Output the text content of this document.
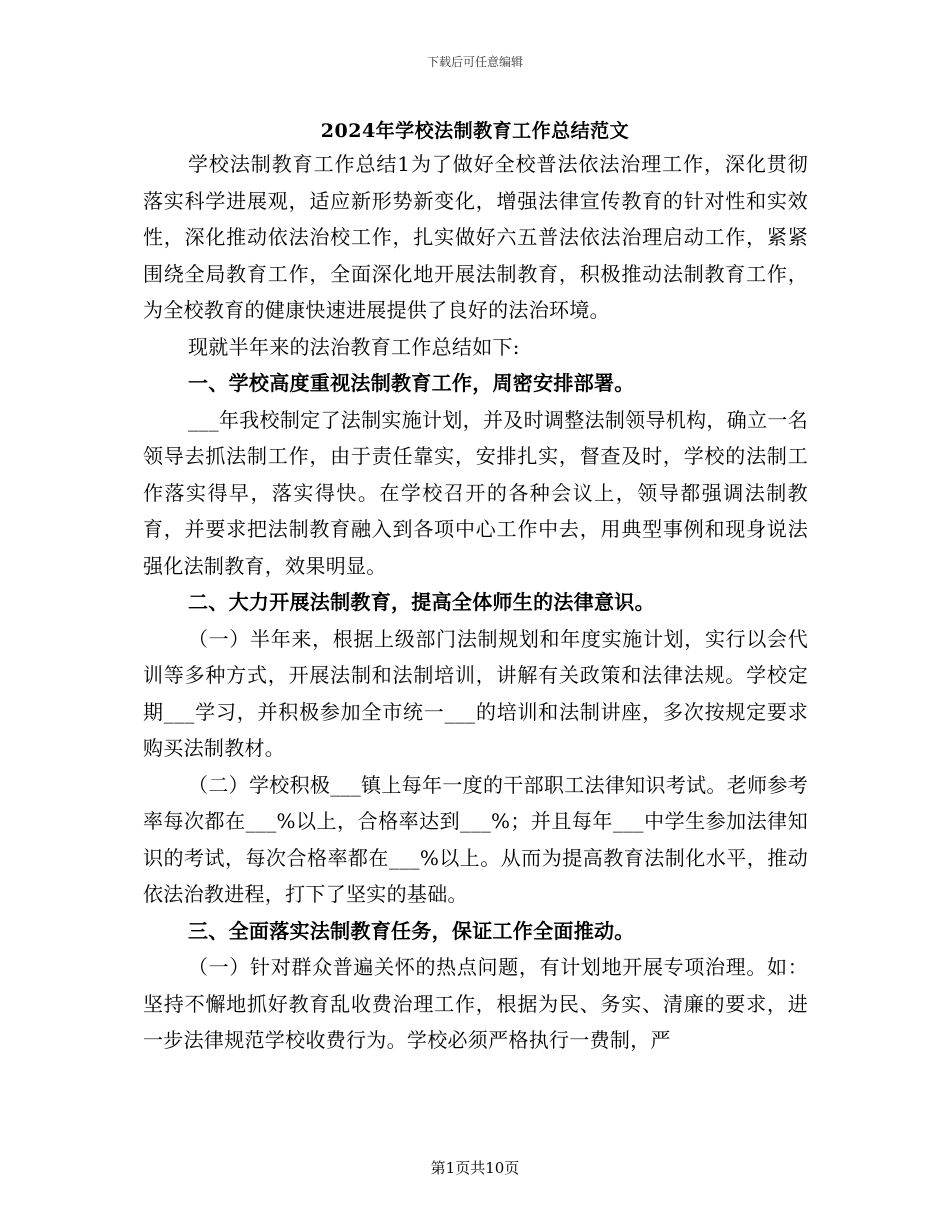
下载后可任意编辑
2024年学校法制教育工作总结范文

学校法制教育工作总结1为了做好全校普法依法治理工作，深化贯彻落实科学进展观，适应新形势新变化，增强法律宣传教育的针对性和实效性，深化推动依法治校工作，扎实做好六五普法依法治理启动工作，紧紧围绕全局教育工作，全面深化地开展法制教育，积极推动法制教育工作，为全校教育的健康快速进展提供了良好的法治环境。

现就半年来的法治教育工作总结如下:

一、学校高度重视法制教育工作，周密安排部署。

___年我校制定了法制实施计划，并及时调整法制领导机构，确立一名领导去抓法制工作，由于责任靠实，安排扎实，督查及时，学校的法制工作落实得早，落实得快。在学校召开的各种会议上，领导都强调法制教育，并要求把法制教育融入到各项中心工作中去，用典型事例和现身说法强化法制教育，效果明显。

二、大力开展法制教育，提高全体师生的法律意识。

（一）半年来，根据上级部门法制规划和年度实施计划，实行以会代训等多种方式，开展法制和法制培训，讲解有关政策和法律法规。学校定期___学习，并积极参加全市统一___的培训和法制讲座，多次按规定要求购买法制教材。

（二）学校积极___镇上每年一度的干部职工法律知识考试。老师参考率每次都在___%以上，合格率达到___%；并且每年___中学生参加法律知识的考试，每次合格率都在___%以上。从而为提高教育法制化水平，推动依法治教进程，打下了坚实的基础。

三、全面落实法制教育任务，保证工作全面推动。

（一）针对群众普遍关怀的热点问题，有计划地开展专项治理。如：坚持不懈地抓好教育乱收费治理工作，根据为民、务实、清廉的要求，进一步法律规范学校收费行为。学校必须严格执行一费制，严

第1页共10页
